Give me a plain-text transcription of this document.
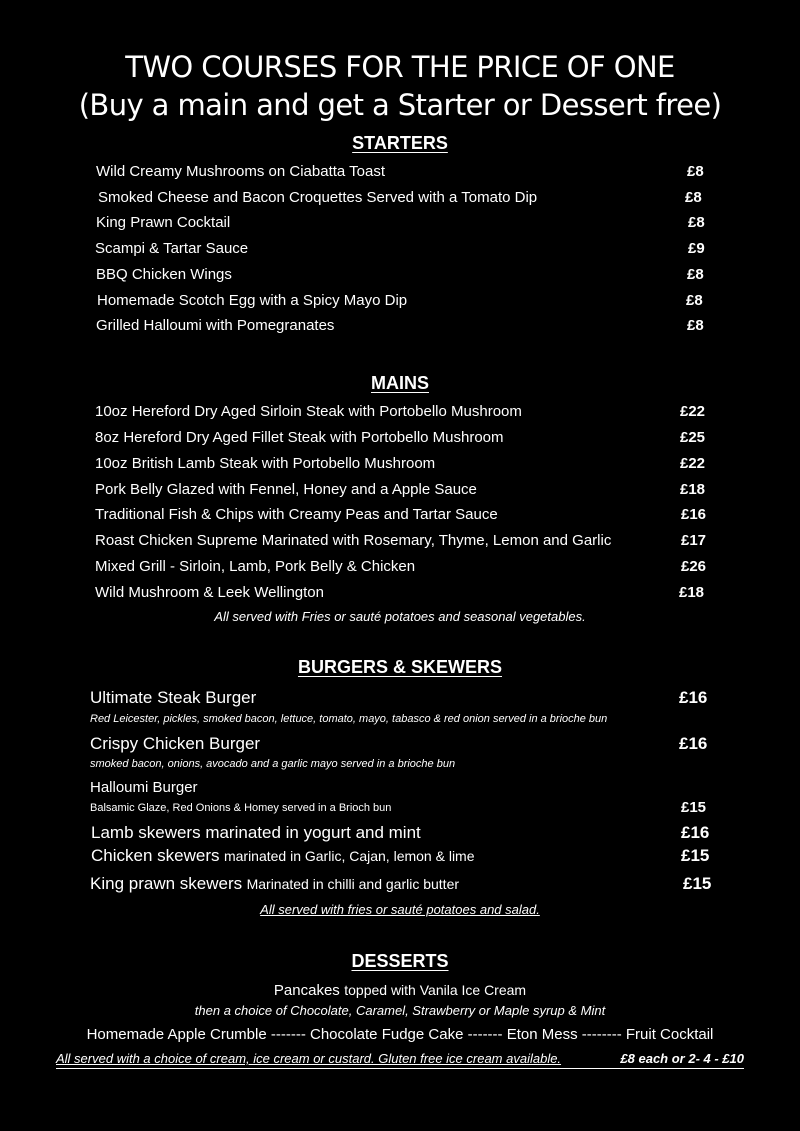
TWO COURSES FOR THE PRICE OF ONE
(Buy a main and get a Starter or Dessert free)
STARTERS
Wild Creamy Mushrooms on Ciabatta Toast	£8
Smoked Cheese and Bacon Croquettes Served with a Tomato Dip	£8
King Prawn Cocktail	£8
Scampi & Tartar Sauce	£9
BBQ Chicken Wings	£8
Homemade Scotch Egg with a Spicy Mayo Dip	£8
Grilled Halloumi with Pomegranates	£8
MAINS
10oz Hereford Dry Aged Sirloin Steak with Portobello Mushroom	£22
8oz Hereford Dry Aged Fillet Steak with Portobello Mushroom	£25
10oz British Lamb Steak with Portobello Mushroom	£22
Pork Belly Glazed with Fennel, Honey and a Apple Sauce	£18
Traditional Fish & Chips with Creamy Peas and Tartar Sauce	£16
Roast Chicken Supreme Marinated with Rosemary, Thyme, Lemon and Garlic	£17
Mixed Grill - Sirloin, Lamb, Pork Belly & Chicken	£26
Wild Mushroom & Leek Wellington	£18
All served with Fries or sauté potatoes and seasonal vegetables.
BURGERS & SKEWERS
Ultimate Steak Burger	£16
Red Leicester, pickles, smoked bacon, lettuce, tomato, mayo, tabasco & red onion served in a brioche bun
Crispy Chicken Burger	£16
smoked bacon, onions, avocado and a garlic mayo served in a brioche bun
Halloumi Burger
Balsamic Glaze, Red Onions & Homey served in a Brioch bun	£15
Lamb skewers marinated in yogurt and mint	£16
Chicken skewers marinated in Garlic, Cajan, lemon & lime	£15
King prawn skewers Marinated in chilli and garlic butter	£15
All served with fries or sauté potatoes and salad.
DESSERTS
Pancakes topped with Vanila Ice Cream
then a choice of Chocolate, Caramel, Strawberry or Maple syrup & Mint
Homemade Apple Crumble ------- Chocolate Fudge Cake ------- Eton Mess -------- Fruit Cocktail
All served with a choice of cream, ice cream or custard. Gluten free ice cream available.	£8 each or 2- 4 - £10
